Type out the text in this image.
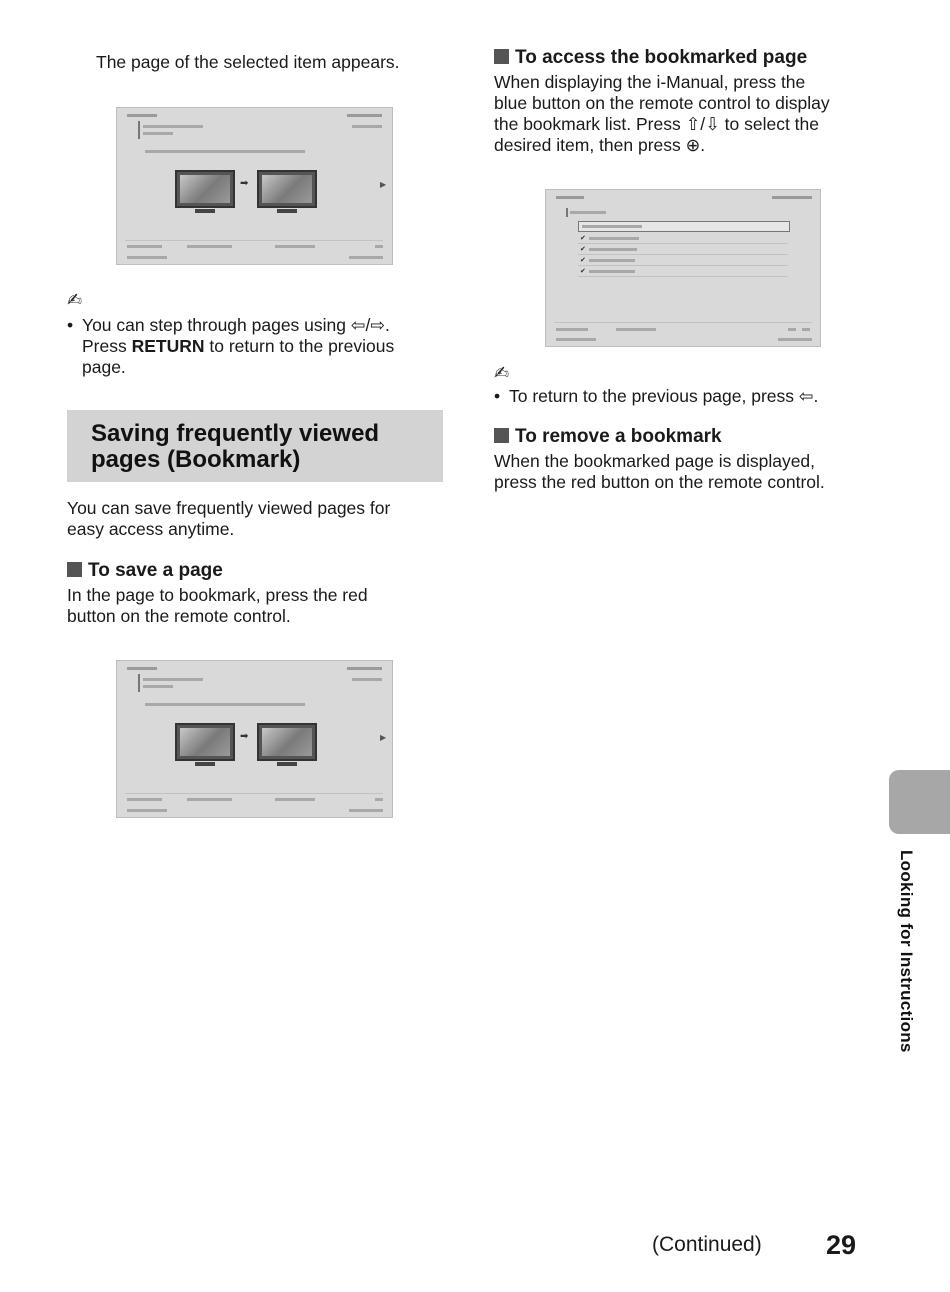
The page of the selected item appears.
➡	▶
✍
• You can step through pages using ⇦/⇨.
Press RETURN to return to the previous
page.
Saving frequently viewed
pages (Bookmark)
You can save frequently viewed pages for
easy access anytime.
To save a page
In the page to bookmark, press the red
button on the remote control.
➡	▶
To access the bookmarked page
When displaying the i-Manual, press the
blue button on the remote control to display
the bookmark list. Press ⇧/⇩ to select the
desired item, then press ⊕.
✔
✔
✔
✔
✍
• To return to the previous page, press ⇦.
To remove a bookmark
When the bookmarked page is displayed,
press the red button on the remote control.
Looking for Instructions
(Continued) 29
